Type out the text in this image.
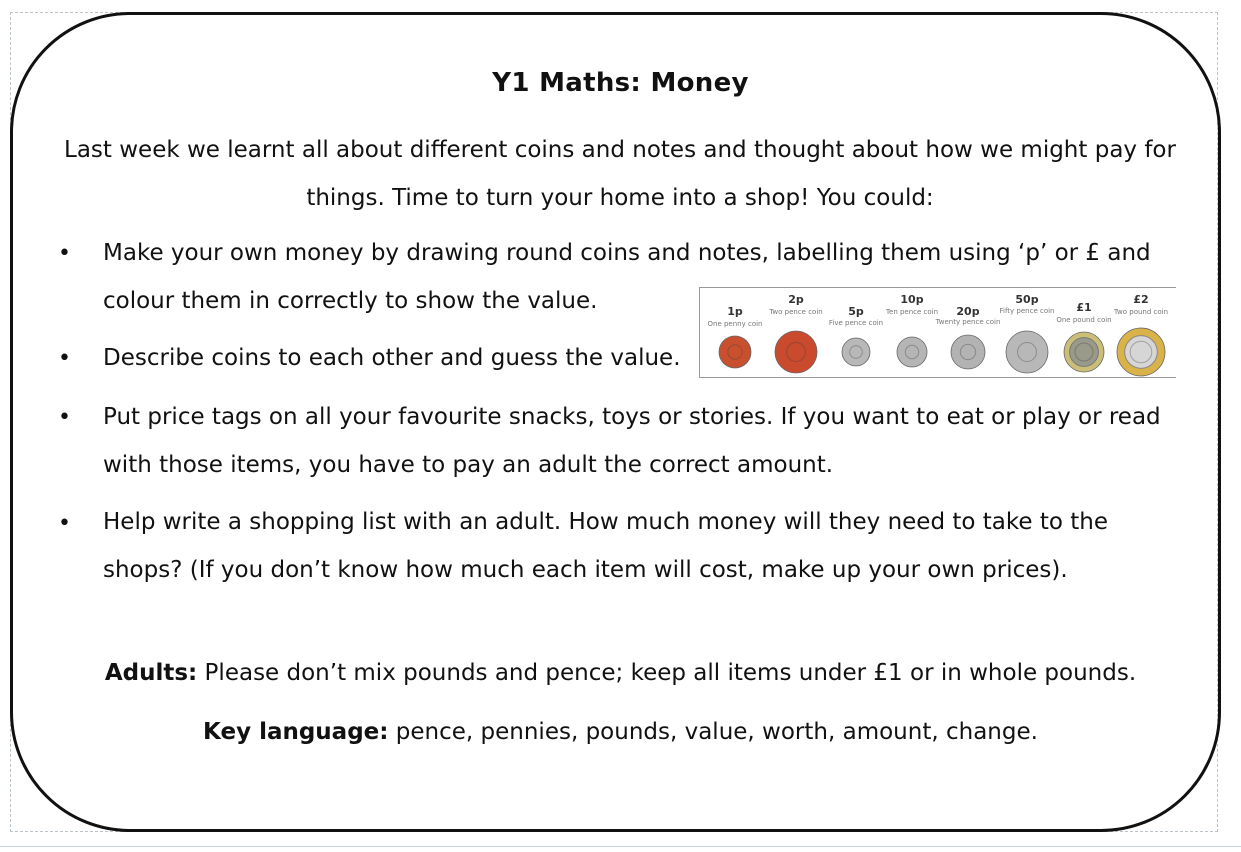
Y1 Maths: Money
Last week we learnt all about different coins and notes and thought about how we might pay for things. Time to turn your home into a shop! You could:
• Make your own money by drawing round coins and notes, labelling them using ‘p’ or £ and colour them in correctly to show the value.
• Describe coins to each other and guess the value.
• Put price tags on all your favourite snacks, toys or stories. If you want to eat or play or read with those items, you have to pay an adult the correct amount.
• Help write a shopping list with an adult. How much money will they need to take to the shops? (If you don’t know how much each item will cost, make up your own prices).
1p
One penny coin
2p
Two pence coin	5p
Five pence coin
10p
Ten pence coin	20p
Twenty pence coin
50p
Fifty pence coin	£1
One pound coin
£2
Two pound coin
Adults: Please don’t mix pounds and pence; keep all items under £1 or in whole pounds.
Key language: pence, pennies, pounds, value, worth, amount, change.
